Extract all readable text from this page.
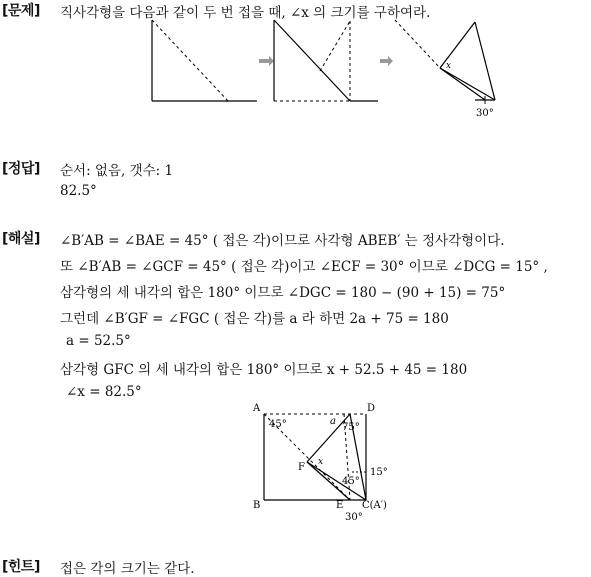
[문제] 직사각형을 다음과 같이 두 번 접을 때, ∠x 의 크기를 구하여라.
x
30°
[정답] 순서: 없음, 갯수: 1
82.5°
[해설] ∠B′AB = ∠BAE = 45° ( 접은 각)이므로 사각형 ABEB′ 는 정사각형이다.
또 ∠B′AB = ∠GCF = 45° ( 접은 각)이고 ∠ECF = 30° 이므로 ∠DCG = 15° ,
삼각형의 세 내각의 합은 180° 이므로 ∠DGC = 180 − (90 + 15) = 75°
그런데 ∠B′GF = ∠FGC ( 접은 각)를 a 라 하면 2a + 75 = 180
a = 52.5°
삼각형 GFC 의 세 내각의 합은 180° 이므로 x + 52.5 + 45 = 180
∠x = 82.5°
A	D
B	E C(A′)
F
45°	a
75°
x
45°
15°
30°
[힌트] 접은 각의 크기는 같다.
